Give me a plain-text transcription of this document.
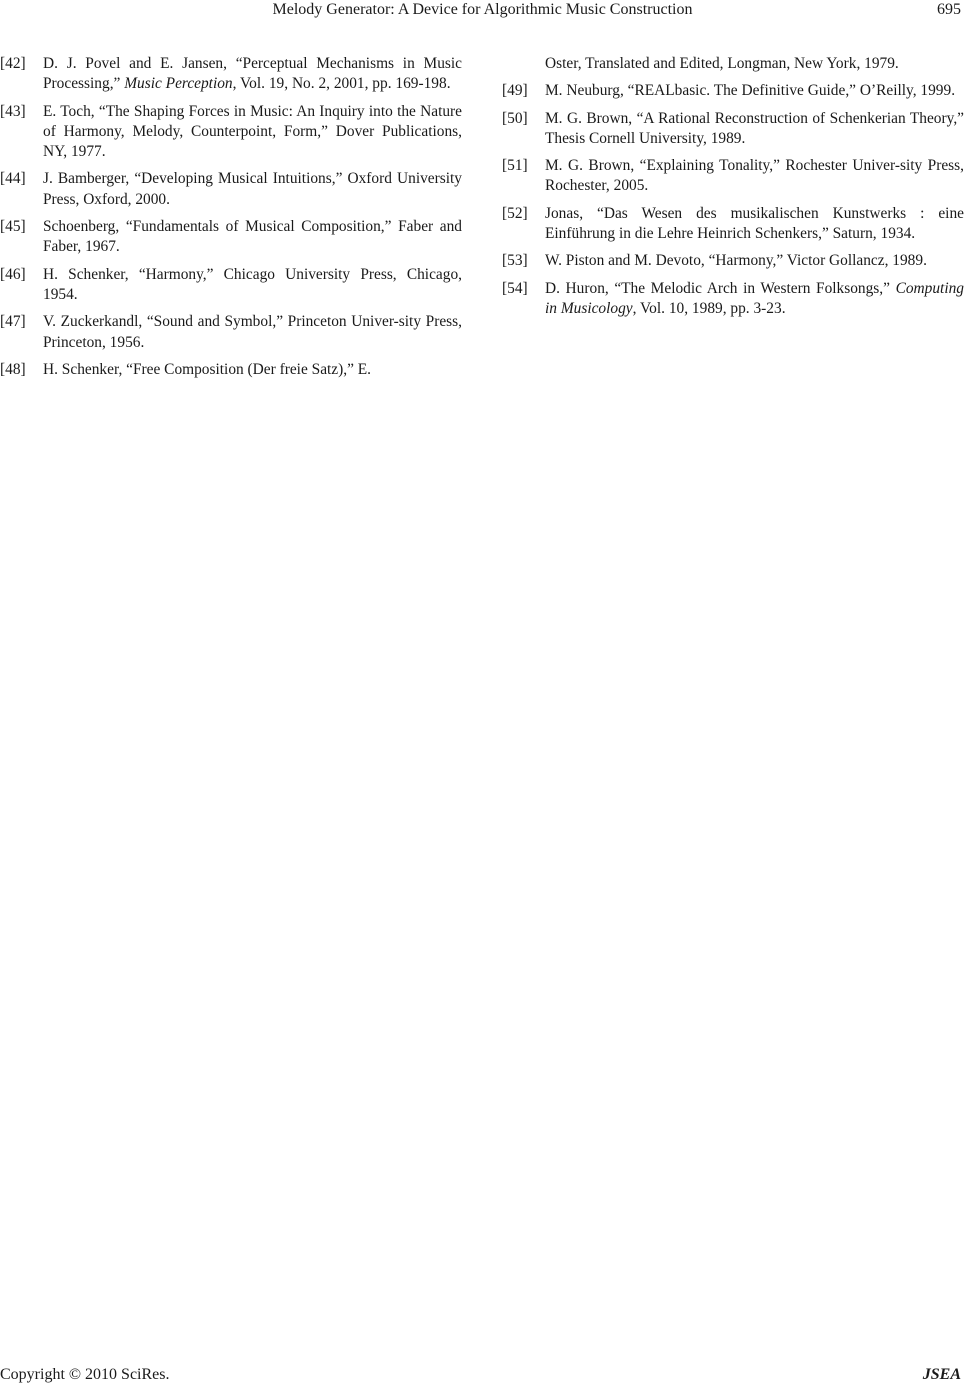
Melody Generator: A Device for Algorithmic Music Construction	695
[42] D. J. Povel and E. Jansen, “Perceptual Mechanisms in Music Processing,” Music Perception, Vol. 19, No. 2, 2001, pp. 169-198.
[43] E. Toch, “The Shaping Forces in Music: An Inquiry into the Nature of Harmony, Melody, Counterpoint, Form,” Dover Publications, NY, 1977.
[44] J. Bamberger, “Developing Musical Intuitions,” Oxford University Press, Oxford, 2000.
[45] Schoenberg, “Fundamentals of Musical Composition,” Faber and Faber, 1967.
[46] H. Schenker, “Harmony,” Chicago University Press, Chicago, 1954.
[47] V. Zuckerkandl, “Sound and Symbol,” Princeton Univer-sity Press, Princeton, 1956.
[48] H. Schenker, “Free Composition (Der freie Satz),” E.
Oster, Translated and Edited, Longman, New York, 1979.
[49] M. Neuburg, “REALbasic. The Definitive Guide,” O’Reilly, 1999.
[50] M. G. Brown, “A Rational Reconstruction of Schenkerian Theory,” Thesis Cornell University, 1989.
[51] M. G. Brown, “Explaining Tonality,” Rochester Univer-sity Press, Rochester, 2005.
[52] Jonas, “Das Wesen des musikalischen Kunstwerks : eine Einführung in die Lehre Heinrich Schenkers,” Saturn, 1934.
[53] W. Piston and M. Devoto, “Harmony,” Victor Gollancz, 1989.
[54] D. Huron, “The Melodic Arch in Western Folksongs,” Computing in Musicology, Vol. 10, 1989, pp. 3-23.
Copyright © 2010 SciRes.	JSEA
